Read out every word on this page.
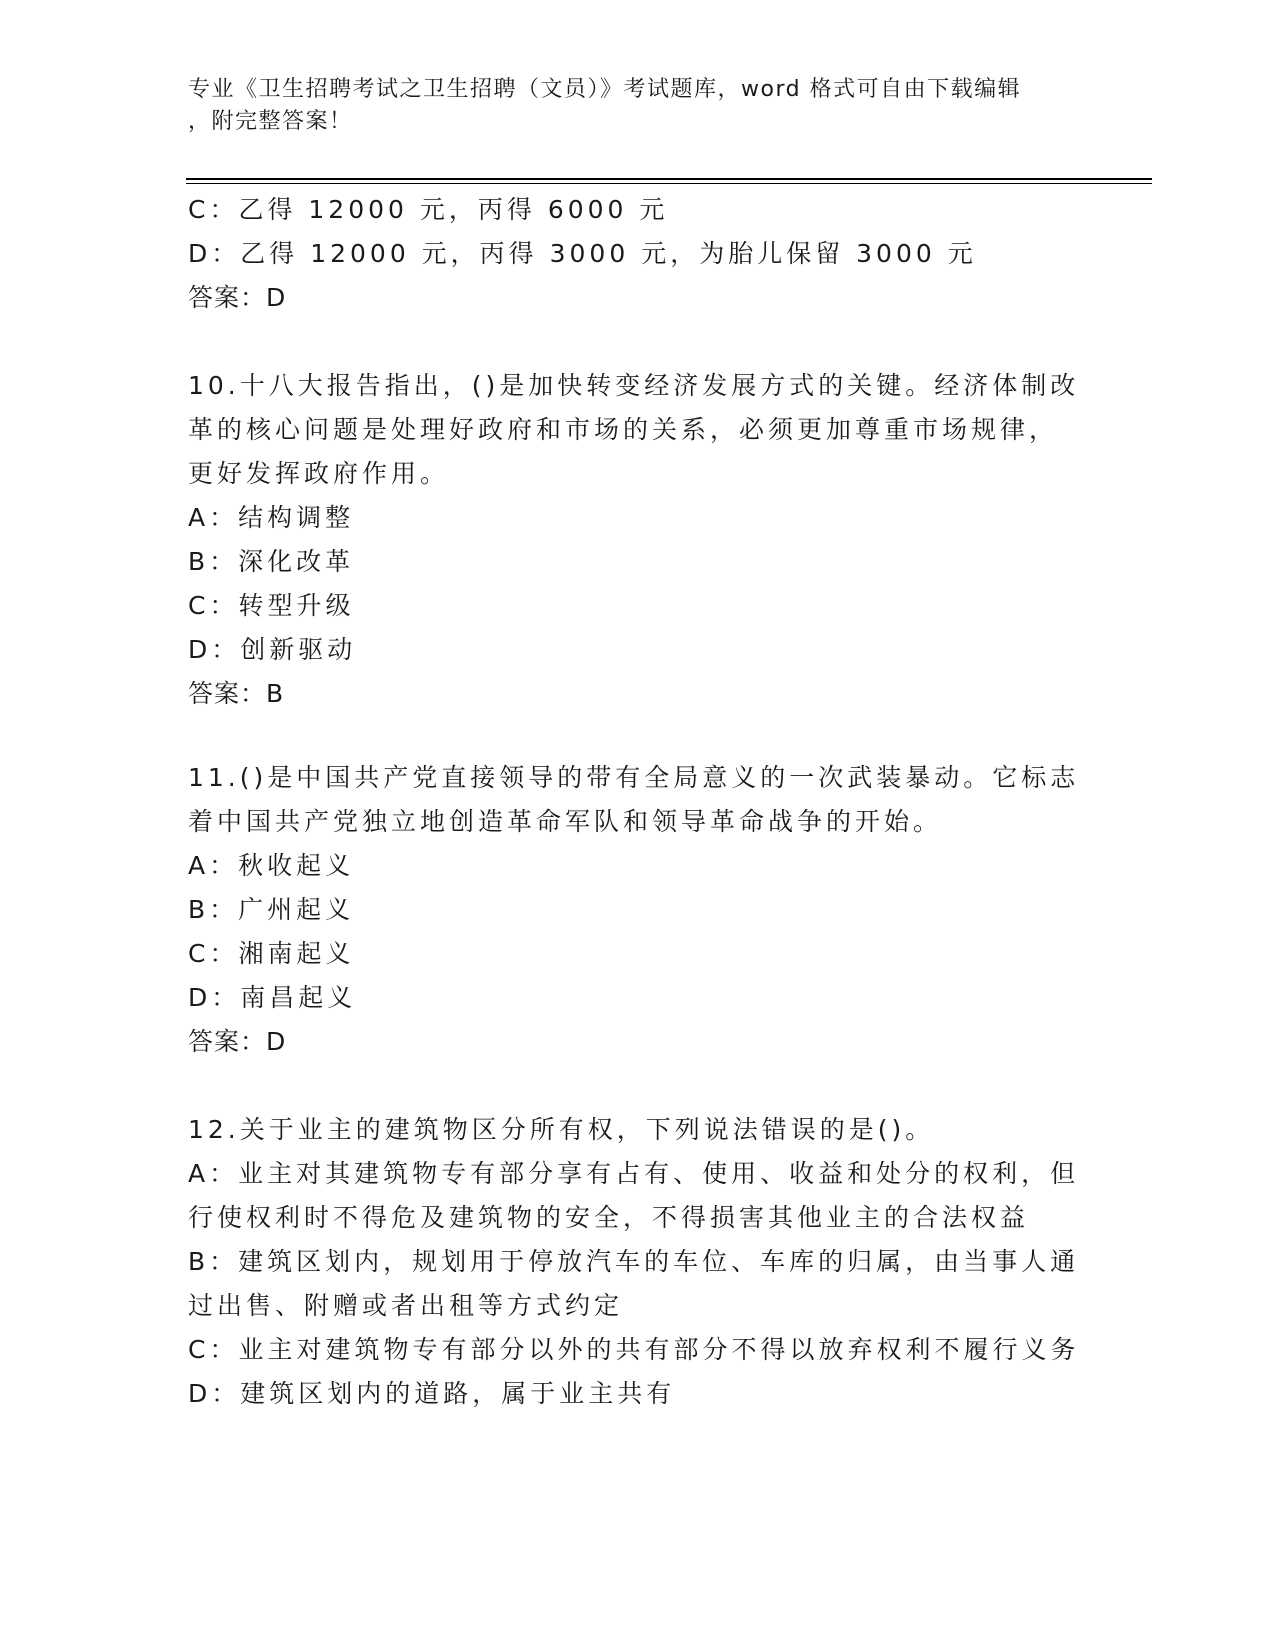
专业《卫生招聘考试之卫生招聘（文员）》考试题库，word 格式可自由下载编辑
，附完整答案！
C：乙得 12000 元，丙得 6000 元
D：乙得 12000 元，丙得 3000 元，为胎儿保留 3000 元
答案：D
10.十八大报告指出，()是加快转变经济发展方式的关键。经济体制改
革的核心问题是处理好政府和市场的关系，必须更加尊重市场规律，
更好发挥政府作用。
A：结构调整
B：深化改革
C：转型升级
D：创新驱动
答案：B
11.()是中国共产党直接领导的带有全局意义的一次武装暴动。它标志
着中国共产党独立地创造革命军队和领导革命战争的开始。
A：秋收起义
B：广州起义
C：湘南起义
D：南昌起义
答案：D
12.关于业主的建筑物区分所有权，下列说法错误的是()。
A：业主对其建筑物专有部分享有占有、使用、收益和处分的权利，但
行使权利时不得危及建筑物的安全，不得损害其他业主的合法权益
B：建筑区划内，规划用于停放汽车的车位、车库的归属，由当事人通
过出售、附赠或者出租等方式约定
C：业主对建筑物专有部分以外的共有部分不得以放弃权利不履行义务
D：建筑区划内的道路，属于业主共有
